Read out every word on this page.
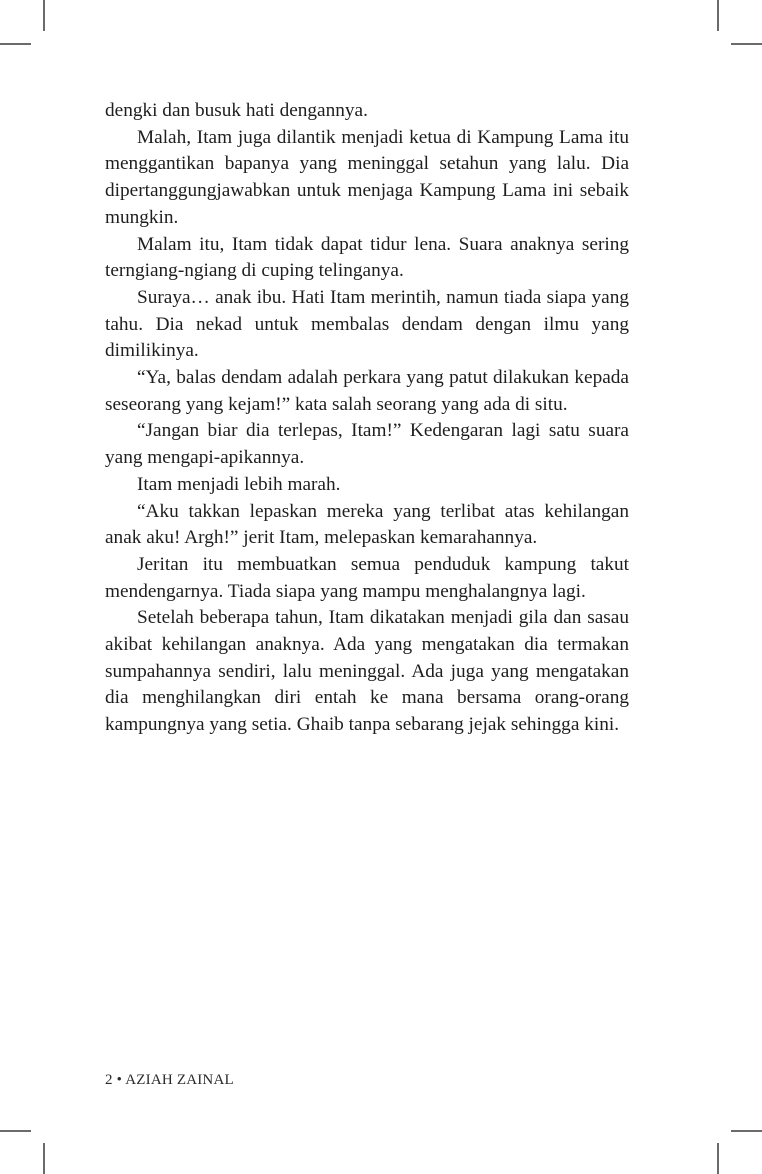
dengki dan busuk hati dengannya.

Malah, Itam juga dilantik menjadi ketua di Kampung Lama itu menggantikan bapanya yang meninggal setahun yang lalu. Dia dipertanggungjawabkan untuk menjaga Kampung Lama ini sebaik mungkin.

Malam itu, Itam tidak dapat tidur lena. Suara anaknya sering terngiang-ngiang di cuping telinganya.

Suraya… anak ibu. Hati Itam merintih, namun tiada siapa yang tahu. Dia nekad untuk membalas dendam dengan ilmu yang dimilikinya.

“Ya, balas dendam adalah perkara yang patut dilakukan kepada seseorang yang kejam!” kata salah seorang yang ada di situ.

“Jangan biar dia terlepas, Itam!” Kedengaran lagi satu suara yang mengapi-apikannya.

Itam menjadi lebih marah.

“Aku takkan lepaskan mereka yang terlibat atas kehilangan anak aku! Argh!” jerit Itam, melepaskan kemarahannya.

Jeritan itu membuatkan semua penduduk kampung takut mendengarnya. Tiada siapa yang mampu menghalangnya lagi.

Setelah beberapa tahun, Itam dikatakan menjadi gila dan sasau akibat kehilangan anaknya. Ada yang mengatakan dia termakan sumpahannya sendiri, lalu meninggal. Ada juga yang mengatakan dia menghilangkan diri entah ke mana bersama orang-orang kampungnya yang setia. Ghaib tanpa sebarang jejak sehingga kini.

2 • AZIAH ZAINAL
